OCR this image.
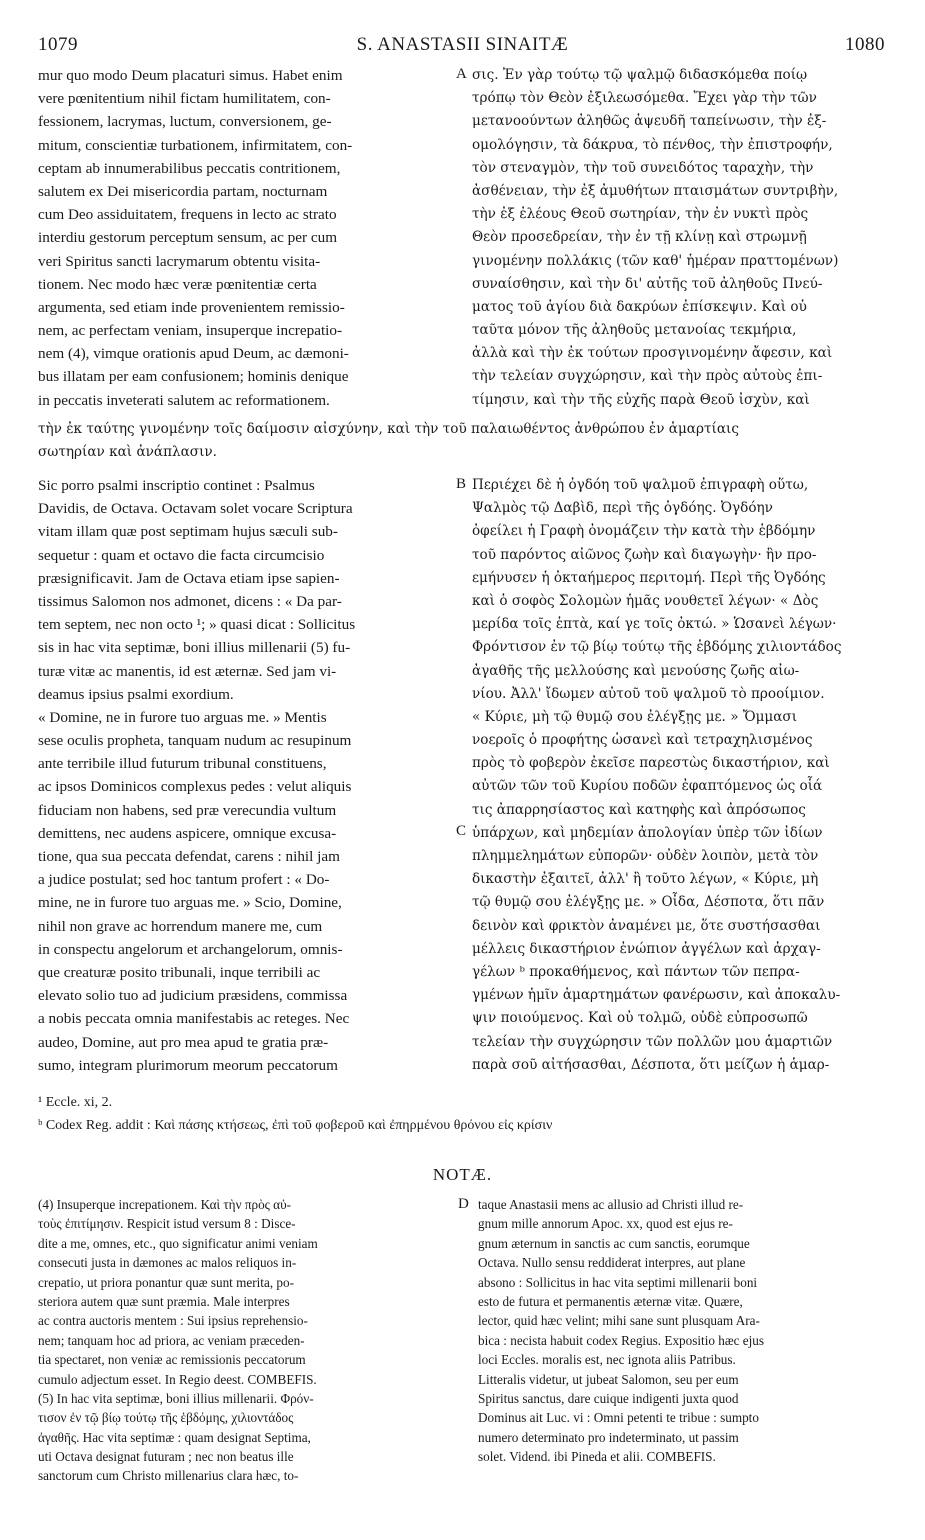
1079	S. ANASTASII SINAITÆ	1080
mur quo modo Deum placaturi simus. Habet enim
vere pœnitentium nihil fictam humilitatem, con-
fessionem, lacrymas, luctum, conversionem, ge-
mitum, conscientiæ turbationem, infirmitatem, con-
ceptam ab innumerabilibus peccatis contritionem,
salutem ex Dei misericordia partam, nocturnam
cum Deo assiduitatem, frequens in lecto ac strato
interdiu gestorum perceptum sensum, ac per cum
veri Spiritus sancti lacrymarum obtentu visita-
tionem. Nec modo hæc veræ pœnitentiæ certa
argumenta, sed etiam inde provenientem remissio-
nem, ac perfectam veniam, insuperque increpatio-
nem (4), vimque orationis apud Deum, ac dæmoni-
bus illatam per eam confusionem; hominis denique
in peccatis inveterati salutem ac reformationem.
A σις. Ἐν γὰρ τούτῳ τῷ ψαλμῷ διδασκόμεθα ποίῳ
τρόπῳ τὸν Θεὸν ἐξιλεωσόμεθα. Ἔχει γὰρ τὴν τῶν
μετανοούντων ἀληθῶς ἀψευδῆ ταπείνωσιν, τὴν ἐξ-
ομολόγησιν, τὰ δάκρυα, τὸ πένθος, τὴν ἐπιστροφήν,
τὸν στεναγμὸν, τὴν τοῦ συνειδότος ταραχὴν, τὴν
ἀσθένειαν, τὴν ἐξ ἀμυθήτων πταισμάτων συντριβὴν,
τὴν ἐξ ἐλέους Θεοῦ σωτηρίαν, τὴν ἐν νυκτὶ πρὸς
Θεὸν προσεδρείαν, τὴν ἐν τῇ κλίνῃ καὶ στρωμνῇ
γινομένην πολλάκις (τῶν καθ' ἡμέραν πραττομένων)
συναίσθησιν, καὶ τὴν δι' αὐτῆς τοῦ ἀληθοῦς Πνεύ-
ματος τοῦ ἁγίου διὰ δακρύων ἐπίσκεψιν. Καὶ οὐ
ταῦτα μόνον τῆς ἀληθοῦς μετανοίας τεκμήρια,
ἀλλὰ καὶ τὴν ἐκ τούτων προσγινομένην ἄφεσιν, καὶ
τὴν τελείαν συγχώρησιν, καὶ τὴν πρὸς αὐτοὺς ἐπι-
τίμησιν, καὶ τὴν τῆς εὐχῆς παρὰ Θεοῦ ἰσχὺν, καὶ
τὴν ἐκ ταύτης γινομένην τοῖς δαίμοσιν αἰσχύνην, καὶ τὴν τοῦ παλαιωθέντος ἀνθρώπου ἐν ἁμαρτίαις
σωτηρίαν καὶ ἀνάπλασιν.
Sic porro psalmi inscriptio continet : Psalmus
Davidis, de Octava. Octavam solet vocare Scriptura
vitam illam quæ post septimam hujus sæculi sub-
sequetur : quam et octavo die facta circumcisio
præsignificavit. Jam de Octava etiam ipse sapien-
tissimus Salomon nos admonet, dicens : « Da par-
tem septem, nec non octo ¹; » quasi dicat : Sollicitus
sis in hac vita septimæ, boni illius millenarii (5) fu-
turæ vitæ ac manentis, id est æternæ. Sed jam vi-
deamus ipsius psalmi exordium.
« Domine, ne in furore tuo arguas me. » Mentis
sese oculis propheta, tanquam nudum ac resupinum
ante terribile illud futurum tribunal constituens,
ac ipsos Dominicos complexus pedes : velut aliquis
fiduciam non habens, sed præ verecundia vultum
demittens, nec audens aspicere, omnique excusa-
tione, qua sua peccata defendat, carens : nihil jam
a judice postulat; sed hoc tantum profert : « Do-
mine, ne in furore tuo arguas me. » Scio, Domine,
nihil non grave ac horrendum manere me, cum
in conspectu angelorum et archangelorum, omnis-
que creaturæ posito tribunali, inque terribili ac
elevato solio tuo ad judicium præsidens, commissa
a nobis peccata omnia manifestabis ac reteges. Nec
audeo, Domine, aut pro mea apud te gratia præ-
sumo, integram plurimorum meorum peccatorum
B
C
Περιέχει δὲ ἡ ὀγδόη τοῦ ψαλμοῦ ἐπιγραφὴ οὕτω,
Ψαλμὸς τῷ Δαβὶδ, περὶ τῆς ὀγδόης. Ὀγδόην
ὀφείλει ἡ Γραφὴ ὀνομάζειν τὴν κατὰ τὴν ἑβδόμην
τοῦ παρόντος αἰῶνος ζωὴν καὶ διαγωγὴν· ἣν προ-
εμήνυσεν ἡ ὀκταήμερος περιτομή. Περὶ τῆς Ὀγδόης
καὶ ὁ σοφὸς Σολομὼν ἡμᾶς νουθετεῖ λέγων· « Δὸς
μερίδα τοῖς ἑπτὰ, καί γε τοῖς ὀκτώ. » Ὡσανεὶ λέγων·
Φρόντισον ἐν τῷ βίῳ τούτῳ τῆς ἑβδόμης χιλιοντάδος
ἀγαθῆς τῆς μελλούσης καὶ μενούσης ζωῆς αἰω-
νίου. Ἀλλ' ἴδωμεν αὐτοῦ τοῦ ψαλμοῦ τὸ προοίμιον.
« Κύριε, μὴ τῷ θυμῷ σου ἐλέγξῃς με. » Ὄμμασι
νοεροῖς ὁ προφήτης ὡσανεὶ καὶ τετραχηλισμένος
πρὸς τὸ φοβερὸν ἐκεῖσε παρεστὼς δικαστήριον, καὶ
αὐτῶν τῶν τοῦ Κυρίου ποδῶν ἐφαπτόμενος ὡς οἷά
τις ἀπαρρησίαστος καὶ κατηφὴς καὶ ἀπρόσωπος
ὑπάρχων, καὶ μηδεμίαν ἀπολογίαν ὑπὲρ τῶν ἰδίων
πλημμελημάτων εὐπορῶν· οὐδὲν λοιπὸν, μετὰ τὸν
δικαστὴν ἐξαιτεῖ, ἀλλ' ἢ τοῦτο λέγων, « Κύριε, μὴ
τῷ θυμῷ σου ἐλέγξῃς με. » Οἶδα, Δέσποτα, ὅτι πᾶν
δεινὸν καὶ φρικτὸν ἀναμένει με, ὅτε συστήσασθαι
μέλλεις δικαστήριον ἐνώπιον ἀγγέλων καὶ ἀρχαγ-
γέλων ᵇ προκαθήμενος, καὶ πάντων τῶν πεπρα-
γμένων ἡμῖν ἁμαρτημάτων φανέρωσιν, καὶ ἀποκαλυ-
ψιν ποιούμενος. Καὶ οὐ τολμῶ, οὐδὲ εὐπροσωπῶ
τελείαν τὴν συγχώρησιν τῶν πολλῶν μου ἁμαρτιῶν
παρὰ σοῦ αἰτήσασθαι, Δέσποτα, ὅτι μείζων ἡ ἁμαρ-
¹ Eccle. xi, 2.
ᵇ Codex Reg. addit : Καὶ πάσης κτήσεως, ἐπὶ τοῦ φοβεροῦ καὶ ἐπηρμένου θρόνου εἰς κρίσιν
NOTÆ.
D
(4) Insuperque increpationem. Καὶ τὴν πρὸς αὐ-
τοὺς ἐπιτίμησιν. Respicit istud versum 8 : Disce-
dite a me, omnes, etc., quo significatur animi veniam
consecuti justa in dæmones ac malos reliquos in-
crepatio, ut priora ponantur quæ sunt merita, po-
steriora autem quæ sunt præmia. Male interpres
ac contra auctoris mentem : Sui ipsius reprehensio-
nem; tanquam hoc ad priora, ac veniam præceden-
tia spectaret, non veniæ ac remissionis peccatorum
cumulo adjectum esset. In Regio deest. COMBEFIS.
(5) In hac vita septimæ, boni illius millenarii. Φρόν-
τισον ἐν τῷ βίῳ τούτῳ τῆς ἑβδόμης, χιλιοντάδος
ἀγαθῆς. Hac vita septimæ : quam designat Septima,
uti Octava designat futuram ; nec non beatus ille
sanctorum cum Christo millenarius clara hæc, to-
taque Anastasii mens ac allusio ad Christi illud re-
gnum mille annorum Apoc. xx, quod est ejus re-
gnum æternum in sanctis ac cum sanctis, eorumque
Octava. Nullo sensu reddiderat interpres, aut plane
absono : Sollicitus in hac vita septimi millenarii boni
esto de futura et permanentis æternæ vitæ. Quære,
lector, quid hæc velint; mihi sane sunt plusquam Ara-
bica : necista habuit codex Regius. Expositio hæc ejus
loci Eccles. moralis est, nec ignota aliis Patribus.
Litteralis videtur, ut jubeat Salomon, seu per eum
Spiritus sanctus, dare cuique indigenti juxta quod
Dominus ait Luc. vi : Omni petenti te tribue : sumpto
numero determinato pro indeterminato, ut passim
solet. Vidend. ibi Pineda et alii. COMBEFIS.
